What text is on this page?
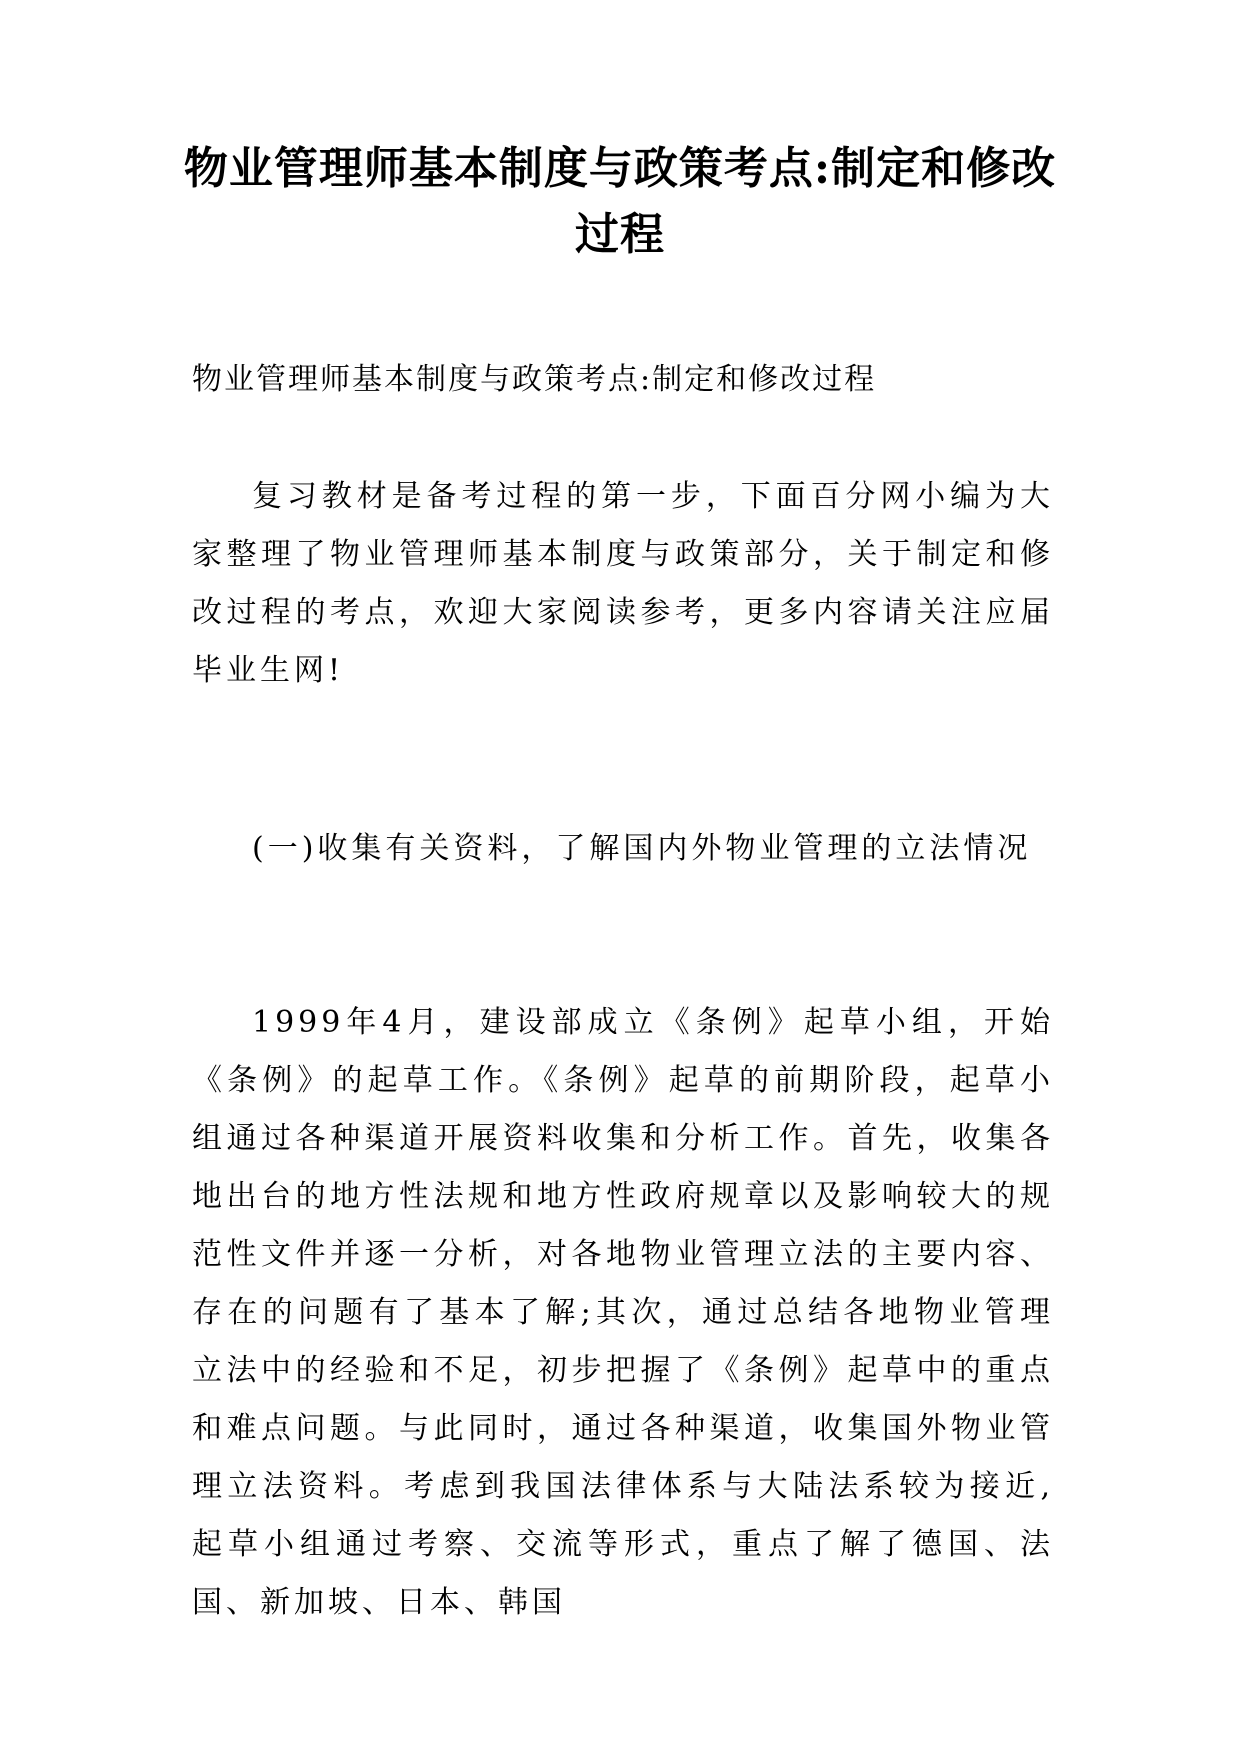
物业管理师基本制度与政策考点:制定和修改过程

物业管理师基本制度与政策考点:制定和修改过程

复习教材是备考过程的第一步，下面百分网小编为大家整理了物业管理师基本制度与政策部分，关于制定和修改过程的考点，欢迎大家阅读参考，更多内容请关注应届毕业生网!

(一)收集有关资料，了解国内外物业管理的立法情况

1999年4月，建设部成立《条例》起草小组，开始《条例》的起草工作。《条例》起草的前期阶段，起草小组通过各种渠道开展资料收集和分析工作。首先，收集各地出台的地方性法规和地方性政府规章以及影响较大的规范性文件并逐一分析，对各地物业管理立法的主要内容、存在的问题有了基本了解;其次，通过总结各地物业管理立法中的经验和不足，初步把握了《条例》起草中的重点和难点问题。与此同时，通过各种渠道，收集国外物业管理立法资料。考虑到我国法律体系与大陆法系较为接近,起草小组通过考察、交流等形式，重点了解了德国、法国、新加坡、日本、韩国
